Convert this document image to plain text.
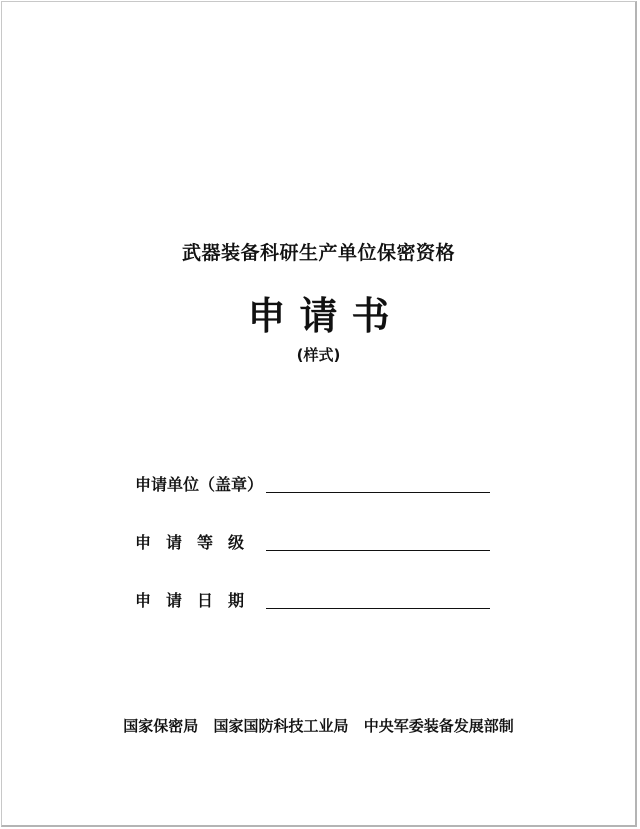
武器装备科研生产单位保密资格
申请书
(样式)
申请单位（盖章）
申请等级
申请日期
国家保密局 国家国防科技工业局 中央军委装备发展部制
